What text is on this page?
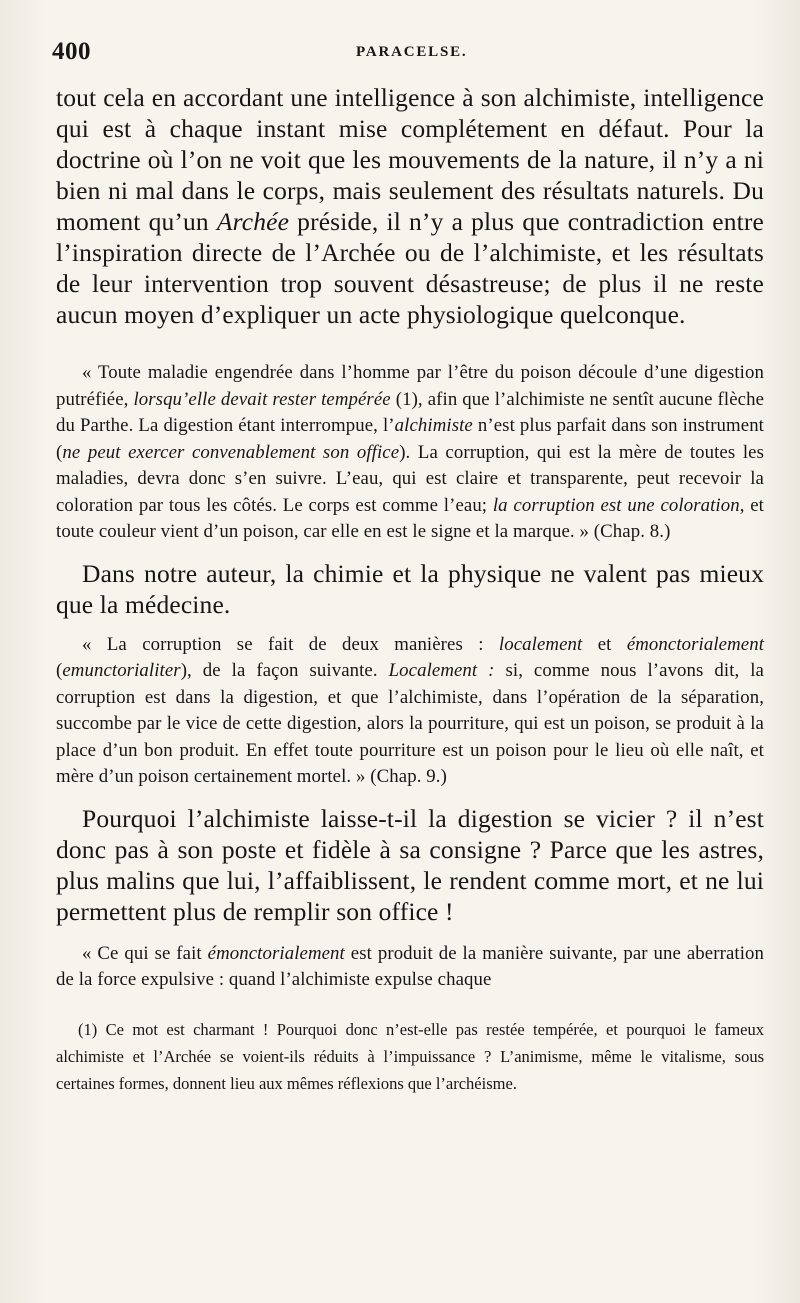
400	PARACELSE.

tout cela en accordant une intelligence à son alchimiste, intelligence qui est à chaque instant mise complétement en défaut. Pour la doctrine où l’on ne voit que les mouvements de la nature, il n’y a ni bien ni mal dans le corps, mais seulement des résultats naturels. Du moment qu’un Archée préside, il n’y a plus que contradiction entre l’inspiration directe de l’Archée ou de l’alchimiste, et les résultats de leur intervention trop souvent désastreuse; de plus il ne reste aucun moyen d’expliquer un acte physiologique quelconque.

« Toute maladie engendrée dans l’homme par l’être du poison découle d’une digestion putréfiée, lorsqu’elle devait rester tempérée (1), afin que l’alchimiste ne sentît aucune flèche du Parthe. La digestion étant interrompue, l’alchimiste n’est plus parfait dans son instrument (ne peut exercer convenablement son office). La corruption, qui est la mère de toutes les maladies, devra donc s’en suivre. L’eau, qui est claire et transparente, peut recevoir la coloration par tous les côtés. Le corps est comme l’eau; la corruption est une coloration, et toute couleur vient d’un poison, car elle en est le signe et la marque. » (Chap. 8.)

Dans notre auteur, la chimie et la physique ne valent pas mieux que la médecine.

« La corruption se fait de deux manières : localement et émonctorialement (emunctorialiter), de la façon suivante. Localement : si, comme nous l’avons dit, la corruption est dans la digestion, et que l’alchimiste, dans l’opération de la séparation, succombe par le vice de cette digestion, alors la pourriture, qui est un poison, se produit à la place d’un bon produit. En effet toute pourriture est un poison pour le lieu où elle naît, et mère d’un poison certainement mortel. » (Chap. 9.)

Pourquoi l’alchimiste laisse-t-il la digestion se vicier ? il n’est donc pas à son poste et fidèle à sa consigne ? Parce que les astres, plus malins que lui, l’affaiblissent, le rendent comme mort, et ne lui permettent plus de remplir son office !

« Ce qui se fait émonctorialement est produit de la manière suivante, par une aberration de la force expulsive : quand l’alchimiste expulse chaque

(1) Ce mot est charmant ! Pourquoi donc n’est-elle pas restée tempérée, et pourquoi le fameux alchimiste et l’Archée se voient-ils réduits à l’impuissance ? L’animisme, même le vitalisme, sous certaines formes, donnent lieu aux mêmes réflexions que l’archéisme.
